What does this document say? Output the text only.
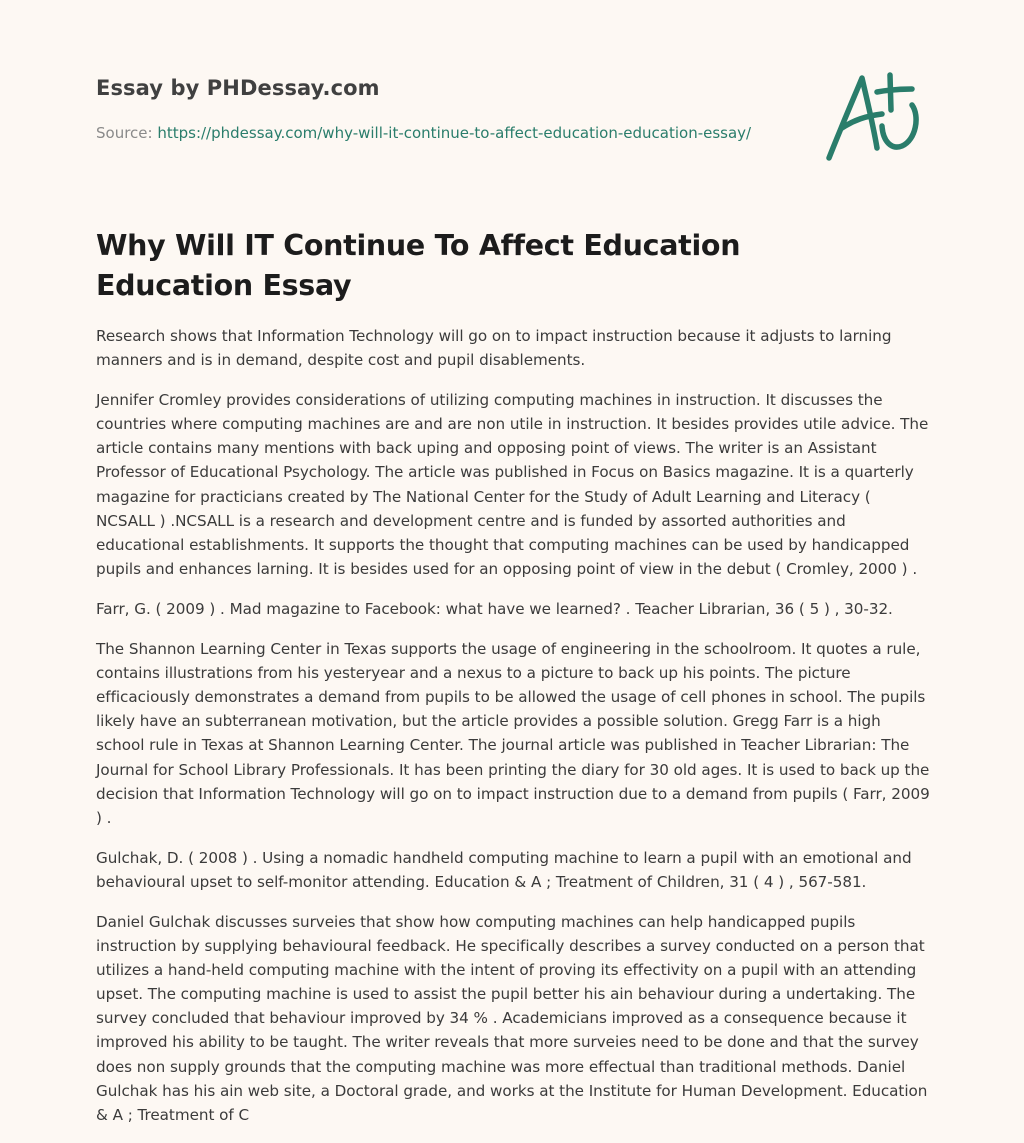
Essay by PHDessay.com
Source: https://phdessay.com/why-will-it-continue-to-affect-education-education-essay/
Why Will IT Continue To Affect Education Education Essay

Research shows that Information Technology will go on to impact instruction because it adjusts to larning manners and is in demand, despite cost and pupil disablements.

Jennifer Cromley provides considerations of utilizing computing machines in instruction. It discusses the countries where computing machines are and are non utile in instruction. It besides provides utile advice. The article contains many mentions with back uping and opposing point of views. The writer is an Assistant Professor of Educational Psychology. The article was published in Focus on Basics magazine. It is a quarterly magazine for practicians created by The National Center for the Study of Adult Learning and Literacy ( NCSALL ) .NCSALL is a research and development centre and is funded by assorted authorities and educational establishments. It supports the thought that computing machines can be used by handicapped pupils and enhances larning. It is besides used for an opposing point of view in the debut ( Cromley, 2000 ) .

Farr, G. ( 2009 ) . Mad magazine to Facebook: what have we learned? . Teacher Librarian, 36 ( 5 ) , 30-32.

The Shannon Learning Center in Texas supports the usage of engineering in the schoolroom. It quotes a rule, contains illustrations from his yesteryear and a nexus to a picture to back up his points. The picture efficaciously demonstrates a demand from pupils to be allowed the usage of cell phones in school. The pupils likely have an subterranean motivation, but the article provides a possible solution. Gregg Farr is a high school rule in Texas at Shannon Learning Center. The journal article was published in Teacher Librarian: The Journal for School Library Professionals. It has been printing the diary for 30 old ages. It is used to back up the decision that Information Technology will go on to impact instruction due to a demand from pupils ( Farr, 2009 ) .

Gulchak, D. ( 2008 ) . Using a nomadic handheld computing machine to learn a pupil with an emotional and behavioural upset to self-monitor attending. Education & A ; Treatment of Children, 31 ( 4 ) , 567-581.

Daniel Gulchak discusses surveies that show how computing machines can help handicapped pupils instruction by supplying behavioural feedback. He specifically describes a survey conducted on a person that utilizes a hand-held computing machine with the intent of proving its effectivity on a pupil with an attending upset. The computing machine is used to assist the pupil better his ain behaviour during a undertaking. The survey concluded that behaviour improved by 34 % . Academicians improved as a consequence because it improved his ability to be taught. The writer reveals that more surveies need to be done and that the survey does non supply grounds that the computing machine was more effectual than traditional methods. Daniel Gulchak has his ain web site, a Doctoral grade, and works at the Institute for Human Development. Education & A ; Treatment of C
